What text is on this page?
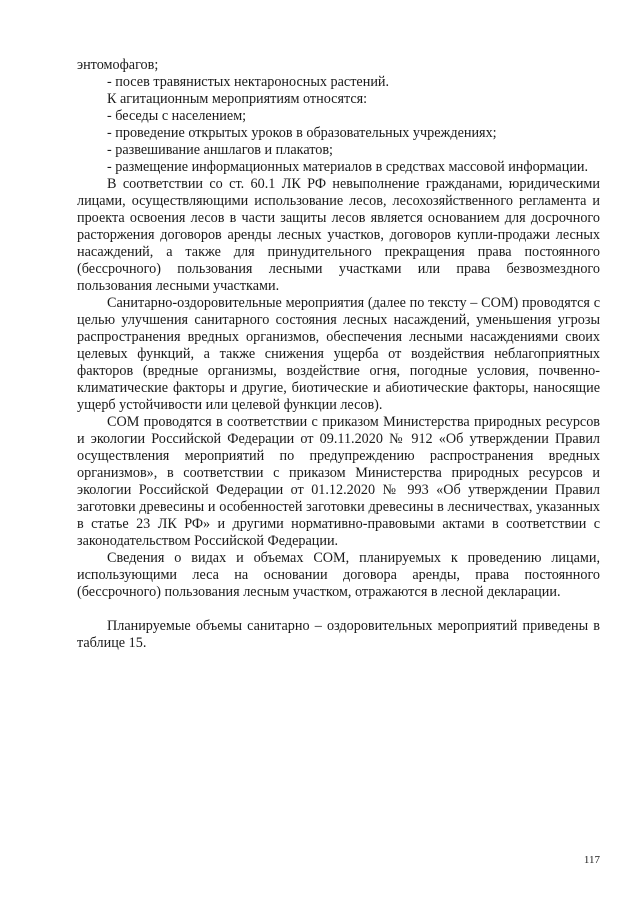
энтомофагов;

- посев травянистых нектароносных растений.

К агитационным мероприятиям относятся:

- беседы с населением;

- проведение открытых уроков в образовательных учреждениях;

- развешивание аншлагов и плакатов;

- размещение информационных материалов в средствах массовой информации.

В соответствии со ст. 60.1 ЛК РФ невыполнение гражданами, юридическими лицами, осуществляющими использование лесов, лесохозяйственного регламента и проекта освоения лесов в части защиты лесов является основанием для досрочного расторжения договоров аренды лесных участков, договоров купли-продажи лесных насаждений, а также для принудительного прекращения права постоянного (бессрочного) пользования лесными участками или права безвозмездного пользования лесными участками.

Санитарно-оздоровительные мероприятия (далее по тексту – СОМ) проводятся с целью улучшения санитарного состояния лесных насаждений, уменьшения угрозы распространения вредных организмов, обеспечения лесными насаждениями своих целевых функций, а также снижения ущерба от воздействия неблагоприятных факторов (вредные организмы, воздействие огня, погодные условия, почвенно-климатические факторы и другие, биотические и абиотические факторы, наносящие ущерб устойчивости или целевой функции лесов).

СОМ проводятся в соответствии с приказом Министерства природных ресурсов и экологии Российской Федерации от 09.11.2020 № 912 «Об утверждении Правил осуществления мероприятий по предупреждению распространения вредных организмов», в соответствии с приказом Министерства природных ресурсов и экологии Российской Федерации от 01.12.2020 № 993 «Об утверждении Правил заготовки древесины и особенностей заготовки древесины в лесничествах, указанных в статье 23 ЛК РФ» и другими нормативно-правовыми актами в соответствии с законодательством Российской Федерации.

Сведения о видах и объемах СОМ, планируемых к проведению лицами, использующими леса на основании договора аренды, права постоянного (бессрочного) пользования лесным участком, отражаются в лесной декларации.

Планируемые объемы санитарно – оздоровительных мероприятий приведены в таблице 15.

117
